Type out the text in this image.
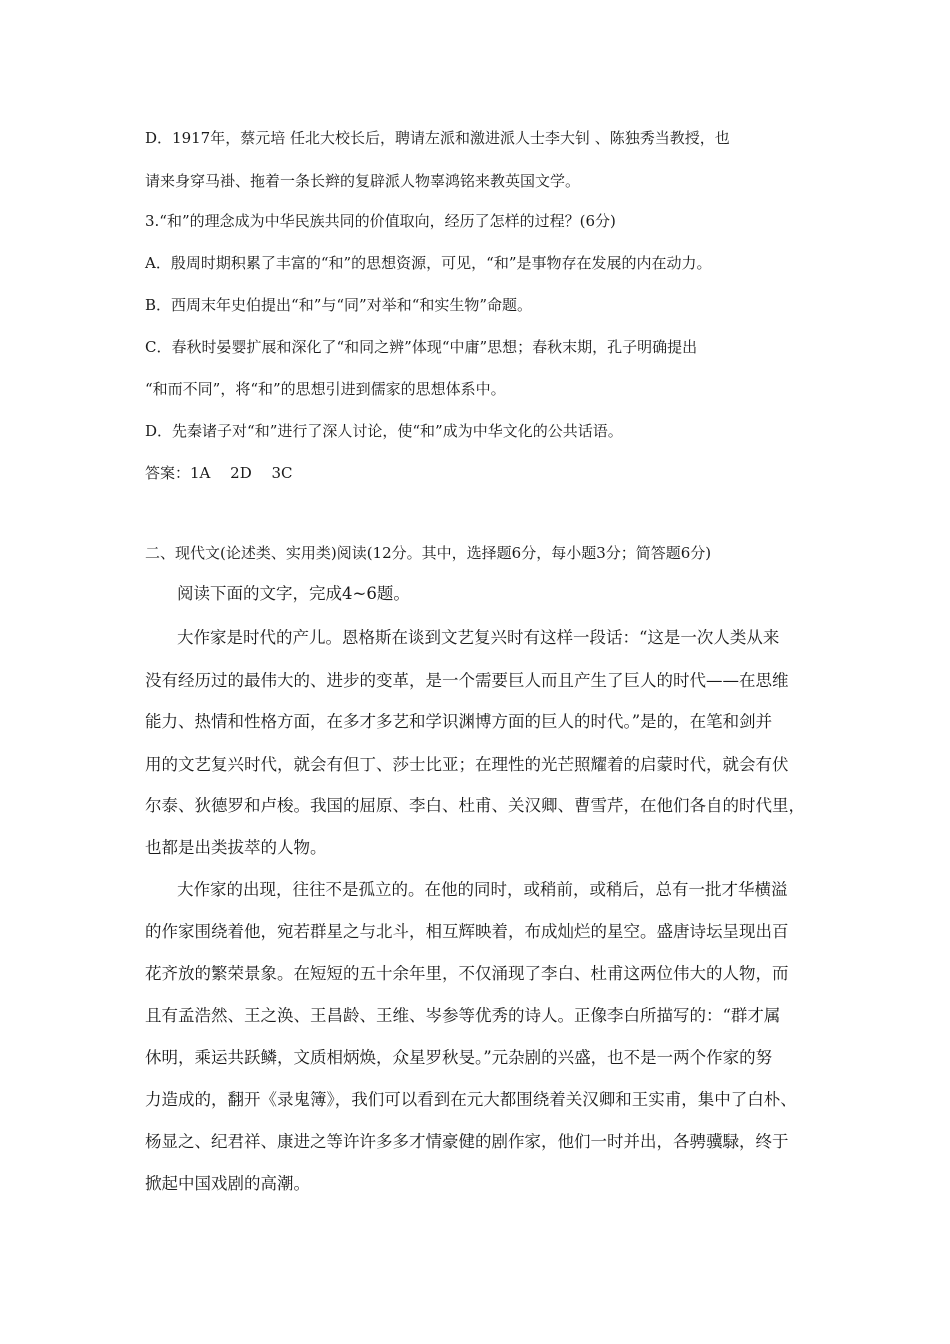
D．1917年，蔡元培 任北大校长后，聘请左派和激进派人士李大钊 、陈独秀当教授，也
请来身穿马褂、拖着一条长辫的复辟派人物辜鸿铭来教英国文学。
3.“和”的理念成为中华民族共同的价值取向，经历了怎样的过程？(6分)
A．殷周时期积累了丰富的“和”的思想资源，可见，“和”是事物存在发展的内在动力。
B．西周末年史伯提出“和”与“同”对举和“和实生物”命题。
C．春秋时晏婴扩展和深化了“和同之辨”体现“中庸”思想；春秋末期，孔子明确提出
“和而不同”，将“和”的思想引进到儒家的思想体系中。
D．先秦诸子对“和”进行了深人讨论，使“和”成为中华文化的公共话语。
答案：1A　 2D　 3C
二、现代文(论述类、实用类)阅读(12分。其中，选择题6分，每小题3分；简答题6分)
阅读下面的文字，完成4~6题。
大作家是时代的产儿。恩格斯在谈到文艺复兴时有这样一段话：“这是一次人类从来
没有经历过的最伟大的、进步的变革，是一个需要巨人而且产生了巨人的时代——在思维
能力、热情和性格方面，在多才多艺和学识渊博方面的巨人的时代。”是的，在笔和剑并
用的文艺复兴时代，就会有但丁、莎士比亚；在理性的光芒照耀着的启蒙时代，就会有伏
尔泰、狄德罗和卢梭。我国的屈原、李白、杜甫、关汉卿、曹雪芹，在他们各自的时代里，
也都是出类拔萃的人物。
大作家的出现，往往不是孤立的。在他的同时，或稍前，或稍后，总有一批才华横溢
的作家围绕着他，宛若群星之与北斗，相互辉映着，布成灿烂的星空。盛唐诗坛呈现出百
花齐放的繁荣景象。在短短的五十余年里，不仅涌现了李白、杜甫这两位伟大的人物，而
且有孟浩然、王之涣、王昌龄、王维、岑参等优秀的诗人。正像李白所描写的：“群才属
休明，乘运共跃鳞，文质相炳焕，众星罗秋旻。”元杂剧的兴盛，也不是一两个作家的努
力造成的，翻开《录鬼簿》，我们可以看到在元大都围绕着关汉卿和王实甫，集中了白朴、
杨显之、纪君祥、康进之等许许多多才情豪健的剧作家，他们一时并出，各骋骥騄，终于
掀起中国戏剧的高潮。
